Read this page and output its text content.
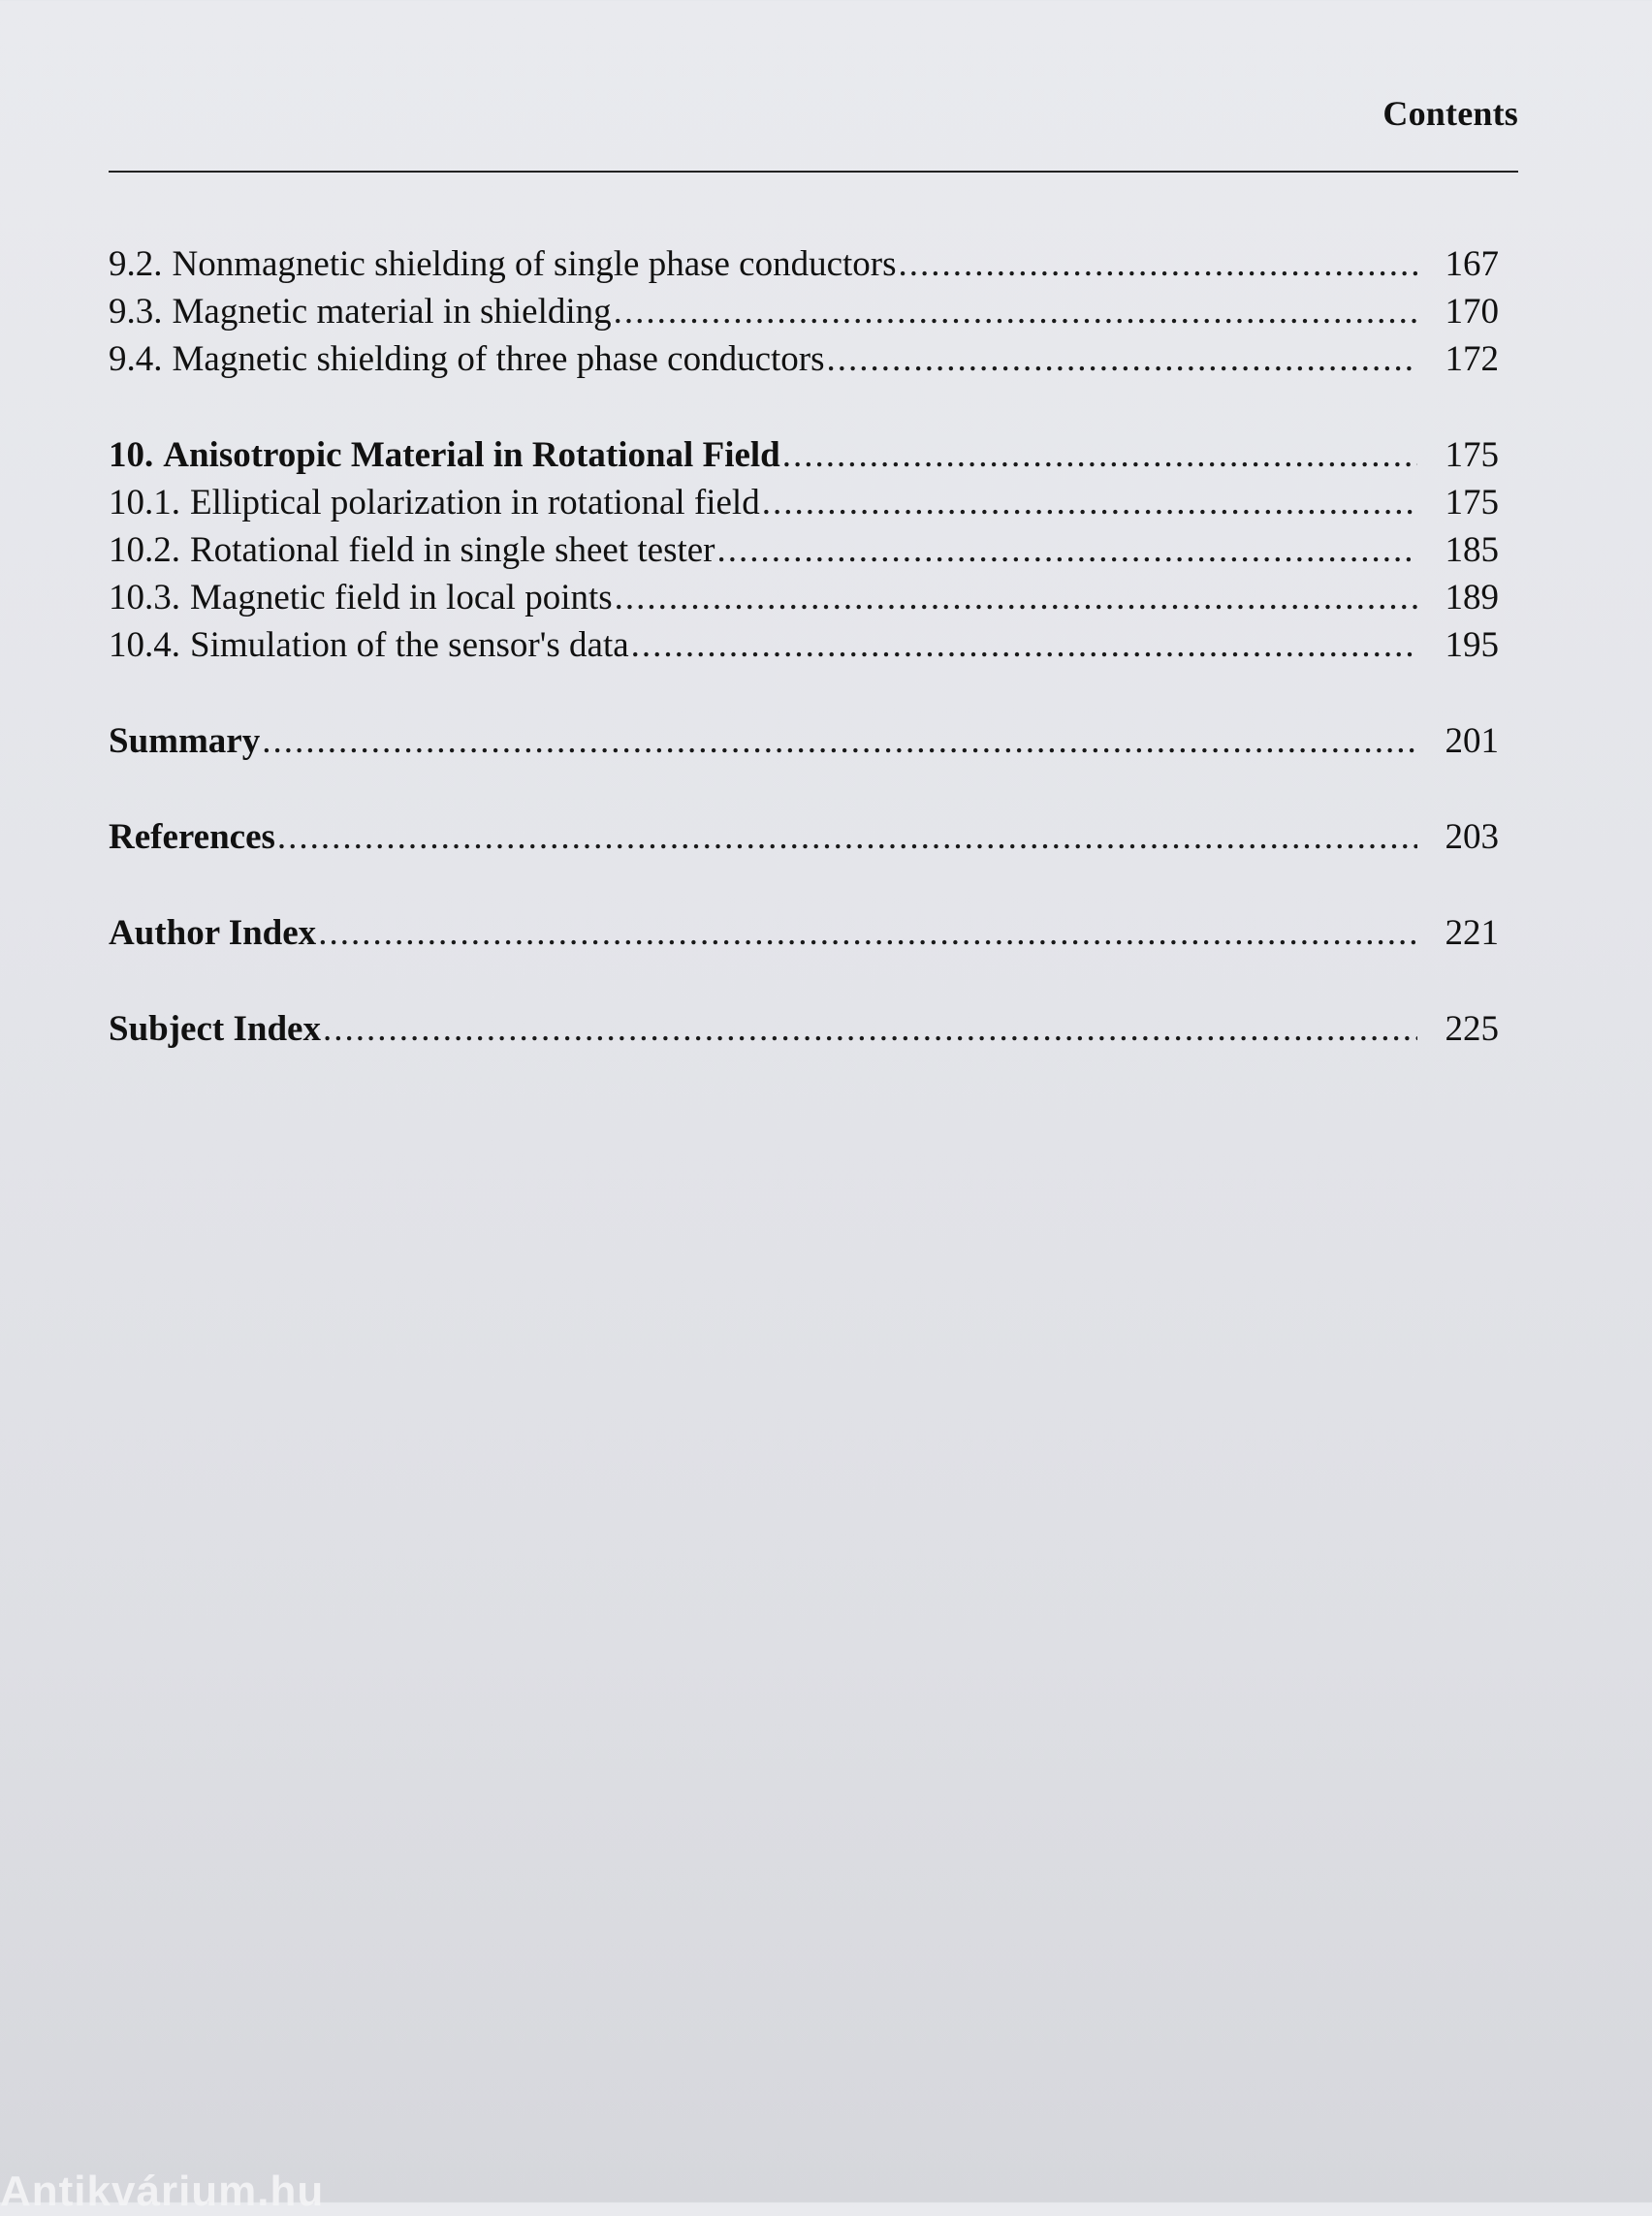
Contents
9.2. Nonmagnetic shielding of single phase conductors .....	167
9.3. Magnetic material in shielding .....	170
9.4. Magnetic shielding of three phase conductors .....	172
10. Anisotropic Material in Rotational Field .....	175
10.1. Elliptical polarization in rotational field .....	175
10.2. Rotational field in single sheet tester .....	185
10.3. Magnetic field in local points .....	189
10.4. Simulation of the sensor's data .....	195
Summary .....	201
References .....	203
Author Index .....	221
Subject Index .....	225
Antikvárium.hu
